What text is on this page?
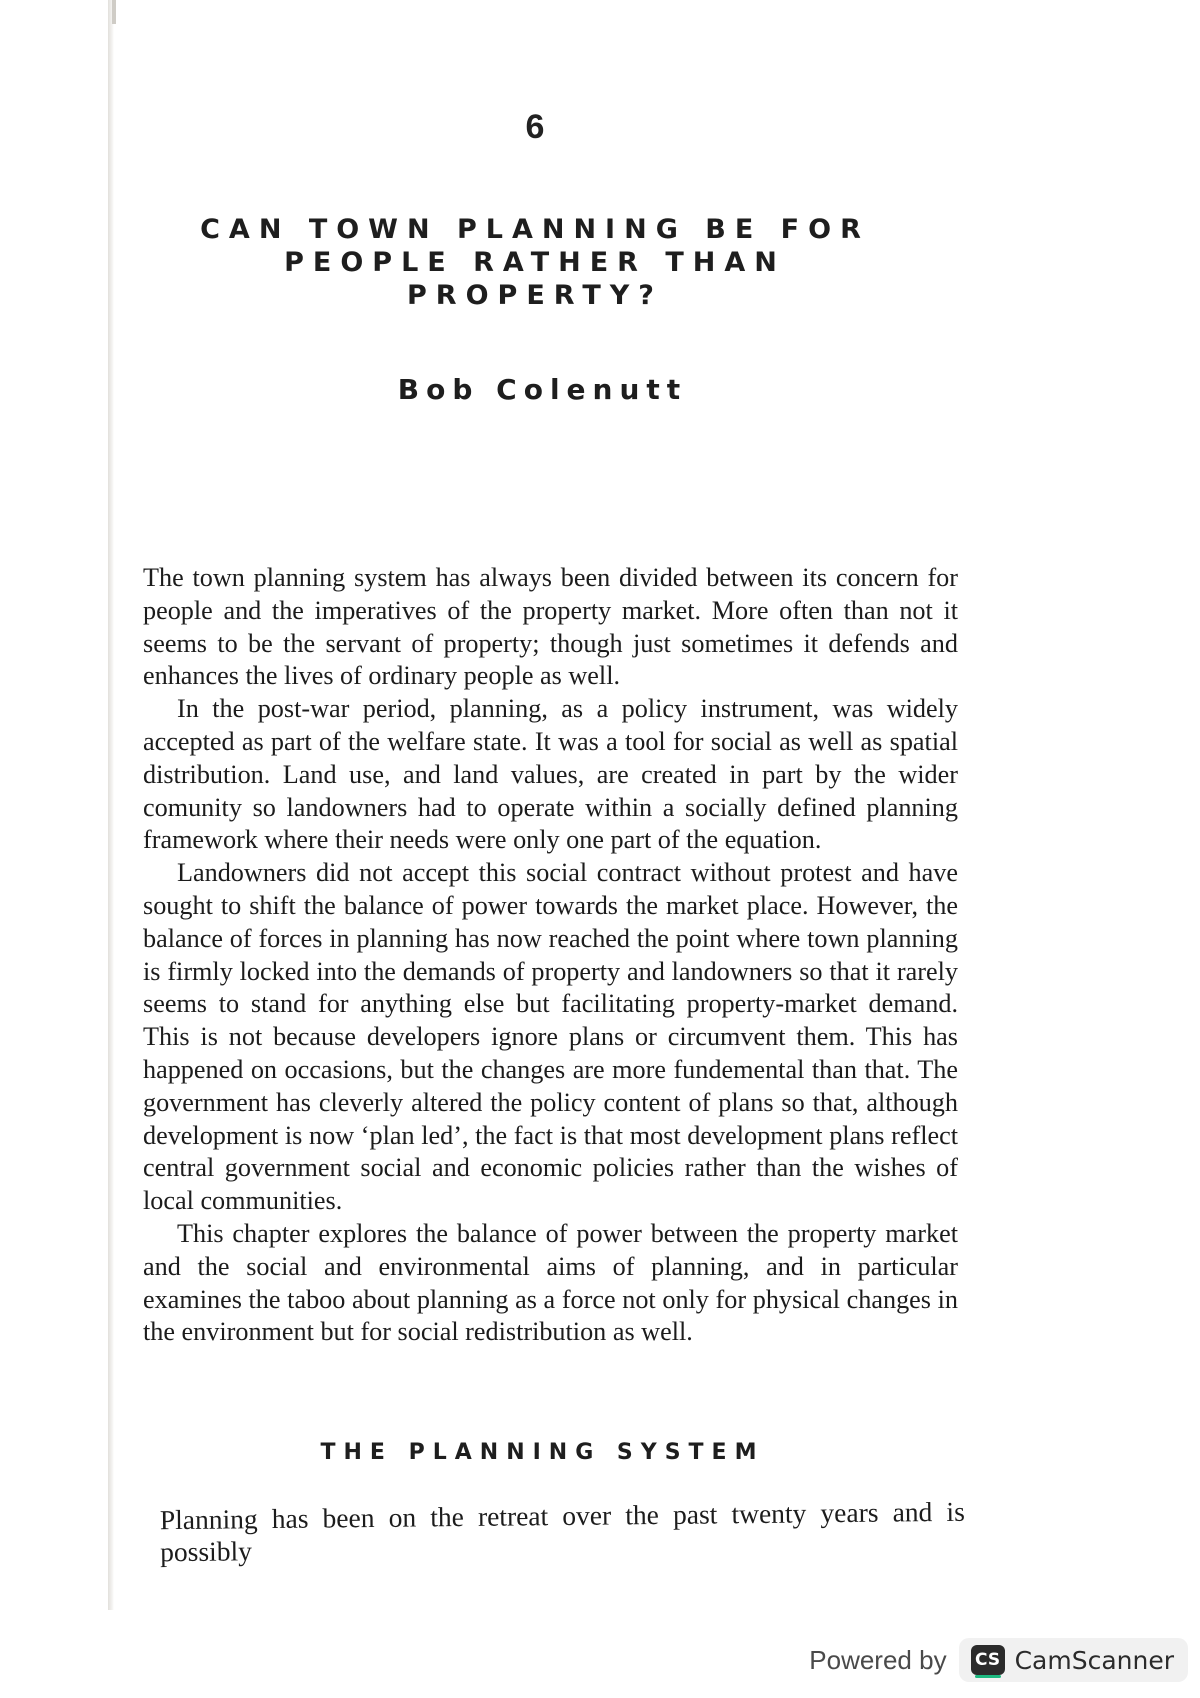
6
CAN TOWN PLANNING BE FOR PEOPLE RATHER THAN PROPERTY?
Bob Colenutt

The town planning system has always been divided between its concern for people and the imperatives of the property market. More often than not it seems to be the servant of property; though just sometimes it defends and enhances the lives of ordinary people as well.

In the post-war period, planning, as a policy instrument, was widely accepted as part of the welfare state. It was a tool for social as well as spatial distribution. Land use, and land values, are created in part by the wider comunity so landowners had to operate within a socially defined planning framework where their needs were only one part of the equation.

Landowners did not accept this social contract without protest and have sought to shift the balance of power towards the market place. However, the balance of forces in planning has now reached the point where town planning is firmly locked into the demands of property and landowners so that it rarely seems to stand for anything else but facilitating property-market demand. This is not because developers ignore plans or circumvent them. This has happened on occasions, but the changes are more fundemental than that. The government has cleverly altered the policy content of plans so that, although development is now ‘plan led’, the fact is that most development plans reflect central government social and economic policies rather than the wishes of local communities.

This chapter explores the balance of power between the property market and the social and environmental aims of planning, and in particular examines the taboo about planning as a force not only for physical changes in the environment but for social redistribution as well.

THE PLANNING SYSTEM
Planning has been on the retreat over the past twenty years and is possibly
Powered by CS CamScanner
